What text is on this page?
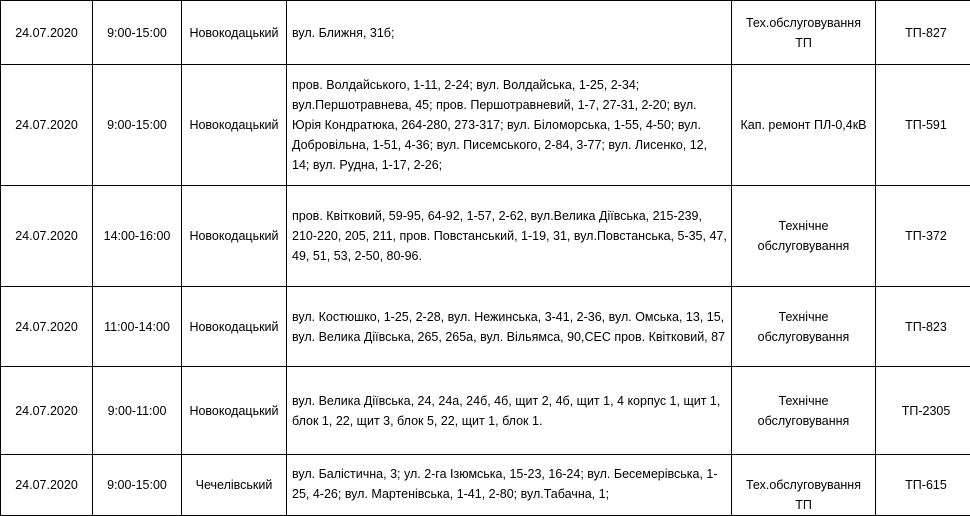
24.07.2020	9:00-15:00	Новокодацький	вул. Ближня, 31б;	Тех.обслуговування ТП	ТП-827
24.07.2020	9:00-15:00	Новокодацький	пров. Волдайського, 1-11, 2-24; вул. Волдайська, 1-25, 2-34; вул.Першотравнева, 45; пров. Першотравневий, 1-7, 27-31, 2-20; вул. Юрія Кондратюка, 264-280, 273-317; вул. Біломорська, 1-55, 4-50; вул. Добровільна, 1-51, 4-36; вул. Писемського, 2-84, 3-77; вул. Лисенко, 12, 14; вул. Рудна, 1-17, 2-26;	Кап. ремонт ПЛ-0,4кВ	ТП-591
24.07.2020	14:00-16:00	Новокодацький	пров. Квітковий, 59-95, 64-92, 1-57, 2-62, вул.Велика Діївська, 215-239, 210-220, 205, 211, пров. Повстанський, 1-19, 31, вул.Повстанська, 5-35, 47, 49, 51, 53, 2-50, 80-96.	Технічне обслуговування	ТП-372
24.07.2020	11:00-14:00	Новокодацький	вул. Костюшко, 1-25, 2-28, вул. Нежинська, 3-41, 2-36, вул. Омська, 13, 15, вул. Велика Діївська, 265, 265а, вул. Вільямса, 90,СЕС пров. Квітковий, 87	Технічне обслуговування	ТП-823
24.07.2020	9:00-11:00	Новокодацький	вул. Велика Діївська, 24, 24а, 24б, 4б, щит 2, 4б, щит 1, 4 корпус 1, щит 1, блок 1, 22, щит 3, блок 5, 22, щит 1, блок 1.	Технічне обслуговування	ТП-2305
24.07.2020	9:00-15:00	Чечелівський	вул. Балістична, 3; ул. 2-га Ізюмська, 15-23, 16-24; вул. Бесемерівська, 1-25, 4-26; вул. Мартенівська, 1-41, 2-80; вул.Табачна, 1;	Тех.обслуговування ТП	ТП-615
